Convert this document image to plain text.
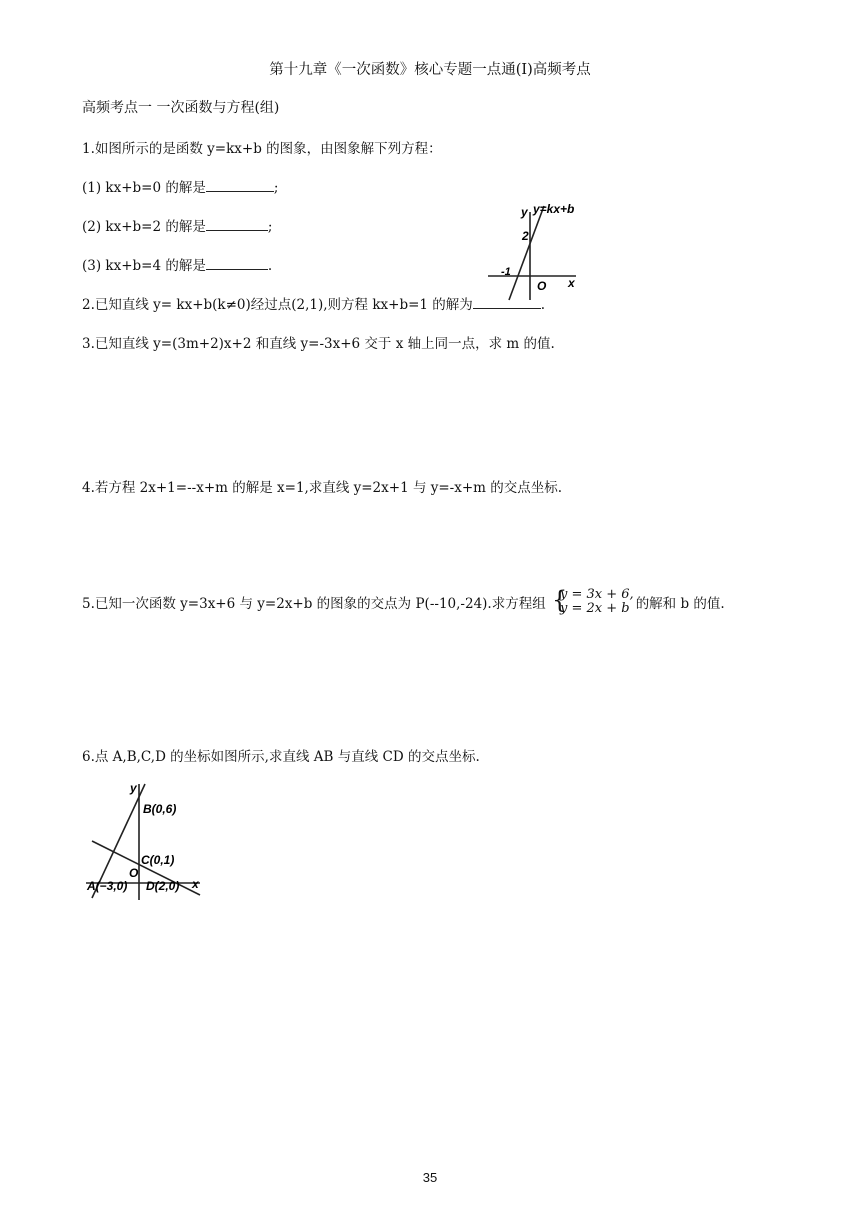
第十九章《一次函数》核心专题一点通(Ⅰ)高频考点
高频考点一 一次函数与方程(组)
1.如图所示的是函数 y=kx+b 的图象，由图象解下列方程：
(1) kx+b=0 的解是	;
(2) kx+b=2 的解是	;
(3) kx+b=4 的解是	.
y y=kx+b
2
-1
O x
2.已知直线 y= kx+b(k≠0)经过点(2,1),则方程 kx+b=1 的解为	.
3.已知直线 y=(3m+2)x+2 和直线 y=-3x+6 交于 x 轴上同一点，求 m 的值.
4.若方程 2x+1=--x+m 的解是 x=1,求直线 y=2x+1 与 y=-x+m 的交点坐标.
5.已知一次函数 y=3x+6 与 y=2x+b 的图象的交点为 P(--10,-24).求方程组 {
y = 3x + 6,
y = 2x + b 的解和 b 的值.
6.点 A,B,C,D 的坐标如图所示,求直线 AB 与直线 CD 的交点坐标.
y
B(0,6)
C(0,1)
O
A(−3,0) D(2,0) x
35
